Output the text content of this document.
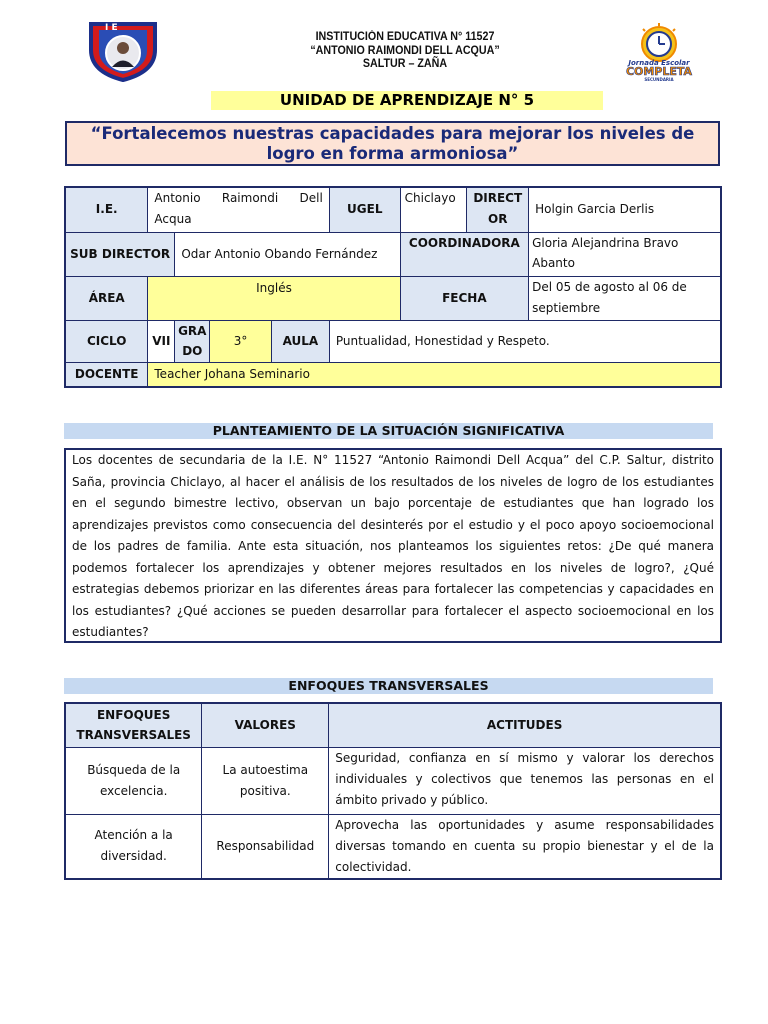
I E
INSTITUCIÓN EDUCATIVA N° 11527
“ANTONIO RAIMONDI DELL ACQUA”
SALTUR – ZAÑA	Jornada Escolar
COMPLETA
SECUNDARIA
UNIDAD DE APRENDIZAJE N° 5
“Fortalecemos nuestras capacidades para mejorar los niveles de logro en forma armoniosa”
I.E.	Antonio Raimondi Dell Acqua				UGEL	Chiclayo	DIRECTOR	Holgin Garcia Derlis
SUB DIRECTOR		Odar Antonio Obando Fernández				COORDINADORA		Gloria Alejandrina Bravo Abanto
ÁREA	Inglés					FECHA		Del 05 de agosto al 06 de septiembre
CICLO	VII	GRADO	3°	AULA	Puntualidad, Honestidad y Respeto.			
DOCENTE	Teacher Johana Seminario							
PLANTEAMIENTO DE LA SITUACIÓN SIGNIFICATIVA
Los docentes de secundaria de la I.E. N° 11527 “Antonio Raimondi Dell Acqua” del C.P. Saltur, distrito Saña, provincia Chiclayo, al hacer el análisis de los resultados de los niveles de logro de los estudiantes en el segundo bimestre lectivo, observan un bajo porcentaje de estudiantes que han logrado los aprendizajes previstos como consecuencia del desinterés por el estudio y el poco apoyo socioemocional de los padres de familia. Ante esta situación, nos planteamos los siguientes retos: ¿De qué manera podemos fortalecer los aprendizajes y obtener mejores resultados en los niveles de logro?, ¿Qué estrategias debemos priorizar en las diferentes áreas para fortalecer las competencias y capacidades en los estudiantes? ¿Qué acciones se pueden desarrollar para fortalecer el aspecto socioemocional en los estudiantes?
ENFOQUES TRANSVERSALES
ENFOQUES TRANSVERSALES	VALORES	ACTITUDES
Búsqueda de la excelencia.	La autoestima positiva.	Seguridad, confianza en sí mismo y valorar los derechos individuales y colectivos que tenemos las personas en el ámbito privado y público.
Atención a la diversidad.	Responsabilidad	Aprovecha las oportunidades y asume responsabilidades diversas tomando en cuenta su propio bienestar y el de la colectividad.
